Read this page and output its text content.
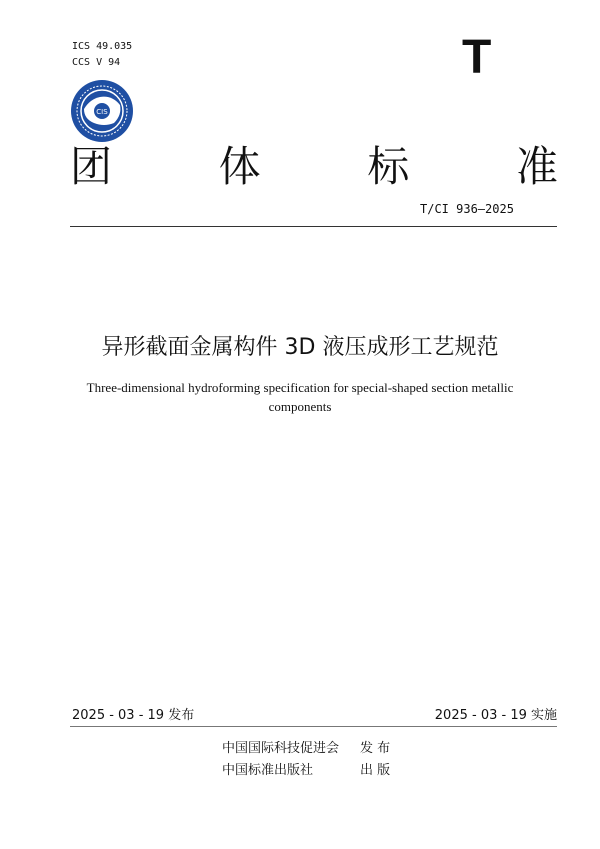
ICS 49.035
CCS V 94	T
CIS
团	体	标	准
T/CI 936—2025
异形截面金属构件 3D 液压成形工艺规范
Three-dimensional hydroforming specification for special-shaped section metallic components
2025 - 03 - 19 发布	2025 - 03 - 19 实施
中国国际科技促进会	发 布
中国标准出版社	出 版
